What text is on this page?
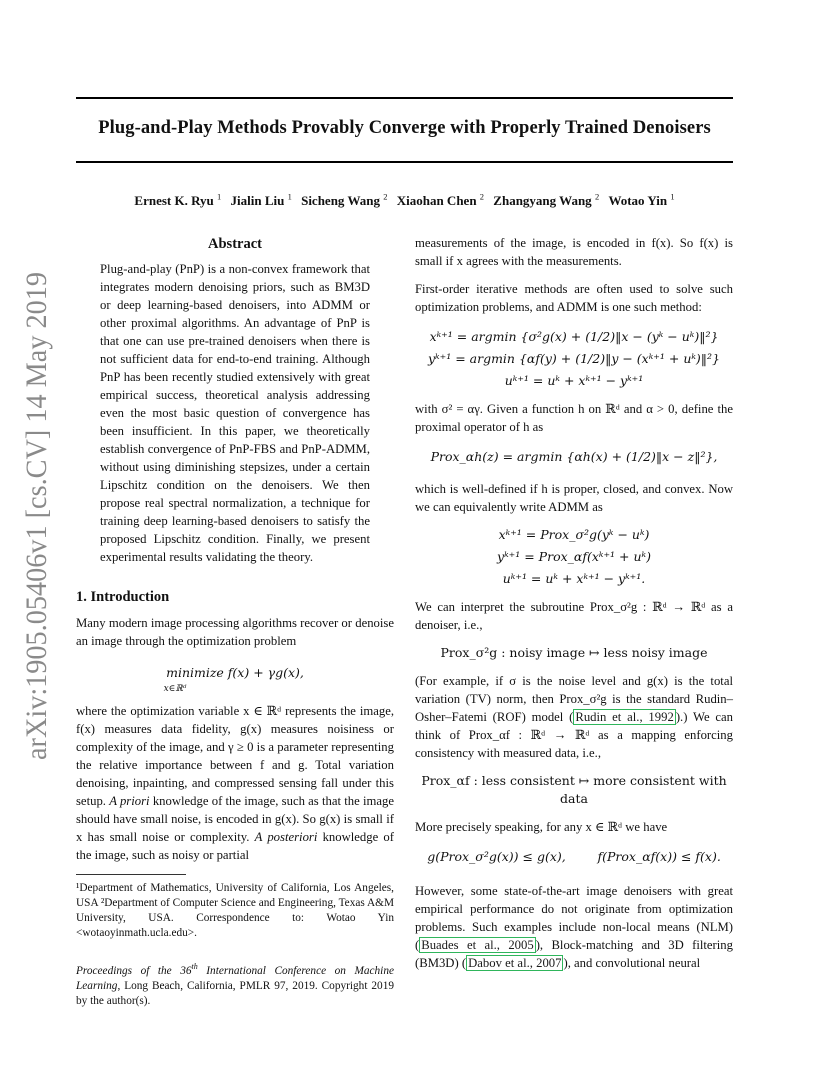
Plug-and-Play Methods Provably Converge with Properly Trained Denoisers
Ernest K. Ryu $^1$ Jialin Liu $^1$ Sicheng Wang $^2$ Xiaohan Chen $^2$ Zhangyang Wang $^2$ Wotao Yin $^1$
arXiv:1905.05406v1 [cs.CV] 14 May 2019	Abstract
Plug-and-play (PnP) is a non-convex framework that integrates modern denoising priors, such as BM3D or deep learning-based denoisers, into ADMM or other proximal algorithms. An advantage of PnP is that one can use pre-trained denoisers when there is not sufficient data for end-to-end training. Although PnP has been recently studied extensively with great empirical success, theoretical analysis addressing even the most basic question of convergence has been insufficient. In this paper, we theoretically establish convergence of PnP-FBS and PnP-ADMM, without using diminishing stepsizes, under a certain Lipschitz condition on the denoisers. We then propose real spectral normalization, a technique for training deep learning-based denoisers to satisfy the proposed Lipschitz condition. Finally, we present experimental results validating the theory.
1. Introduction

Many modern image processing algorithms recover or denoise an image through the optimization problem

minimize f(x) + γg(x),
x∈ℝᵈ

where the optimization variable x ∈ ℝᵈ represents the image, f(x) measures data fidelity, g(x) measures noisiness or complexity of the image, and γ ≥ 0 is a parameter representing the relative importance between f and g. Total variation denoising, inpainting, and compressed sensing fall under this setup. A priori knowledge of the image, such as that the image should have small noise, is encoded in g(x). So g(x) is small if x has small noise or complexity. A posteriori knowledge of the image, such as noisy or partial

¹Department of Mathematics, University of California, Los Angeles, USA ²Department of Computer Science and Engineering, Texas A&M University, USA. Correspondence to: Wotao Yin <wotaoyinmath.ucla.edu>.
Proceedings of the 36th International Conference on Machine Learning, Long Beach, California, PMLR 97, 2019. Copyright 2019 by the author(s).

measurements of the image, is encoded in f(x). So f(x) is small if x agrees with the measurements.

First-order iterative methods are often used to solve such optimization problems, and ADMM is one such method:

xᵏ⁺¹ = argmin {σ²g(x) + (1/2)‖x − (yᵏ − uᵏ)‖²}
yᵏ⁺¹ = argmin {αf(y) + (1/2)‖y − (xᵏ⁺¹ + uᵏ)‖²}
uᵏ⁺¹ = uᵏ + xᵏ⁺¹ − yᵏ⁺¹

with σ² = αγ. Given a function h on ℝᵈ and α > 0, define the proximal operator of h as

Prox_αh(z) = argmin {αh(x) + (1/2)‖x − z‖²},

which is well-defined if h is proper, closed, and convex. Now we can equivalently write ADMM as

xᵏ⁺¹ = Prox_σ²g(yᵏ − uᵏ)
yᵏ⁺¹ = Prox_αf(xᵏ⁺¹ + uᵏ)
uᵏ⁺¹ = uᵏ + xᵏ⁺¹ − yᵏ⁺¹.

We can interpret the subroutine Prox_σ²g : ℝᵈ → ℝᵈ as a denoiser, i.e.,

Prox_σ²g : noisy image ↦ less noisy image

(For example, if σ is the noise level and g(x) is the total variation (TV) norm, then Prox_σ²g is the standard Rudin–Osher–Fatemi (ROF) model ( Rudin et al., 1992 ).) We can think of Prox_αf : ℝᵈ → ℝᵈ as a mapping enforcing consistency with measured data, i.e.,

Prox_αf : less consistent ↦ more consistent with data

More precisely speaking, for any x ∈ ℝᵈ we have

g(Prox_σ²g(x)) ≤ g(x),        f(Prox_αf(x)) ≤ f(x).

However, some state-of-the-art image denoisers with great empirical performance do not originate from optimization problems. Such examples include non-local means (NLM) ( Buades et al., 2005 ), Block-matching and 3D filtering (BM3D) ( Dabov et al., 2007 ), and convolutional neural
